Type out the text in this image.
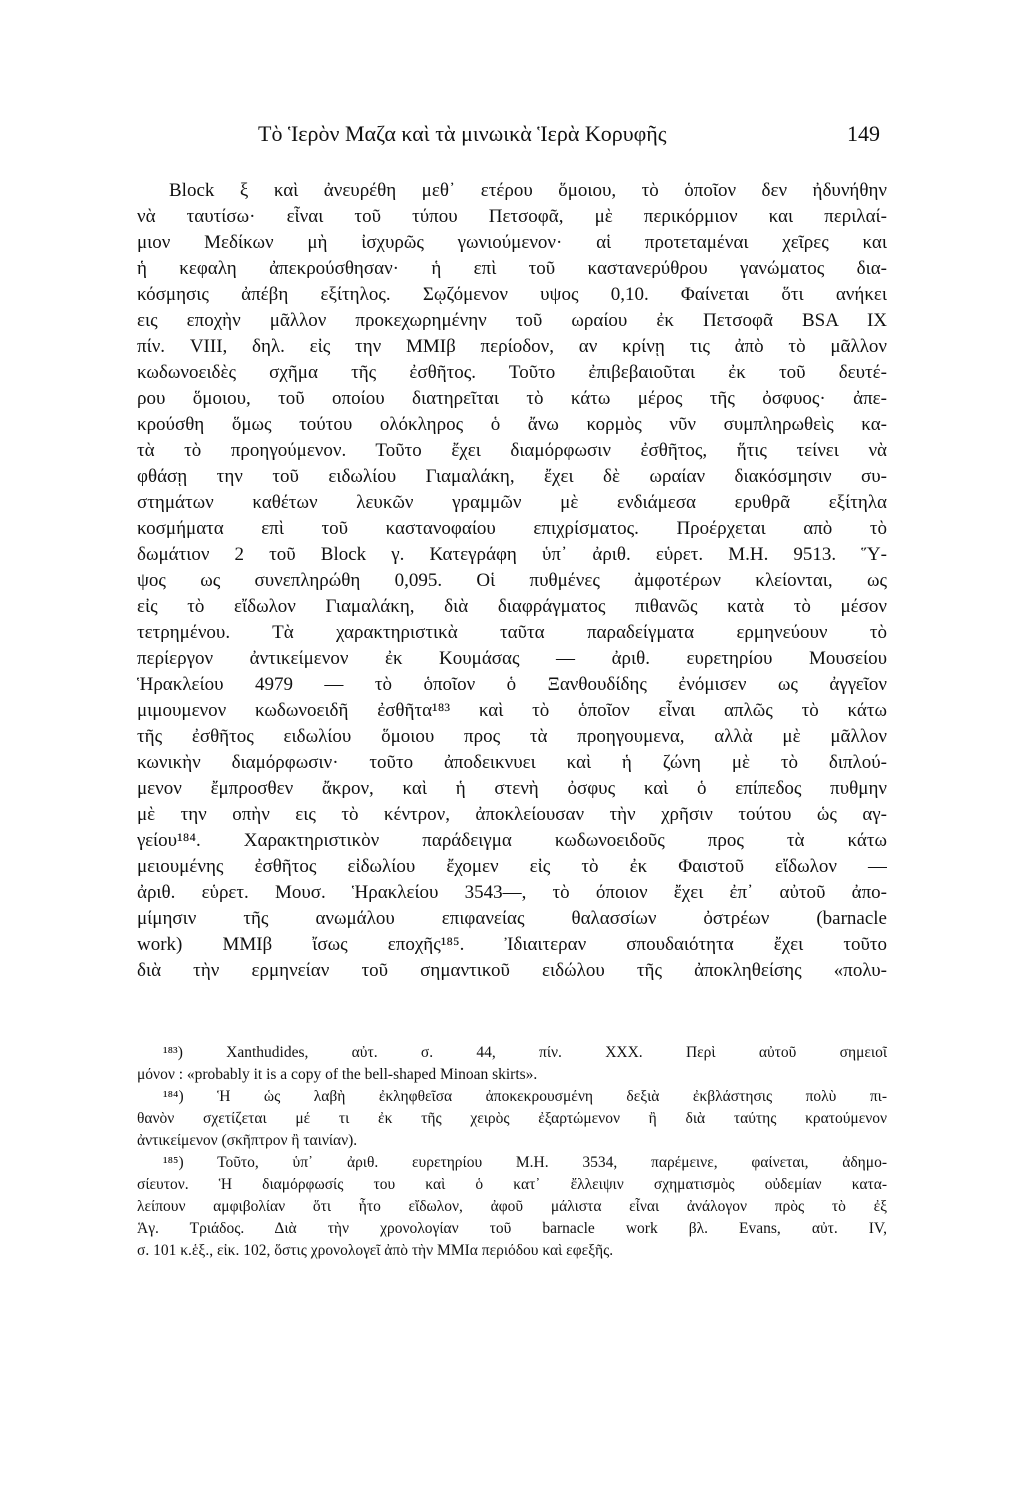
Τὸ Ἱερὸν Μαζα καὶ τὰ μινωικὰ Ἱερὰ Κορυφῆς	149
Block ξ καὶ ἀνευρέθη μεθ᾽ ετέρου ὅμοιου, τὸ ὁποῖον δεν ἠδυνήθην
νὰ ταυτίσω· εἶναι τοῦ τύπου Πετσοφᾶ, μὲ περικόρμιον και περιλαί-
μιον Μεδίκων μὴ ἰσχυρῶς γωνιούμενον· αἱ προτεταμέναι χεῖρες και
ἡ κεφαλη ἀπεκρούσθησαν· ἡ επὶ τοῦ καστανερύθρου γανώματος δια-
κόσμησις ἀπέβη εξίτηλος. Σῳζόμενον υψος 0,10. Φαίνεται ὅτι ανήκει
εις εποχὴν μᾶλλον προκεχωρημένην τοῦ ωραίου ἐκ Πετσοφᾶ BSA IX
πίν. VIII, δηλ. εἰς την ΜΜΙβ περίοδον, αν κρίνῃ τις ἀπὸ τὸ μᾶλλον
κωδωνοειδὲς σχῆμα τῆς ἐσθῆτος. Τοῦτο ἐπιβεβαιοῦται ἐκ τοῦ δευτέ-
ρου ὅμοιου, τοῦ οποίου διατηρεῖται τὸ κάτω μέρος τῆς ὀσφυος· ἀπε-
κρούσθη ὅμως τούτου ολόκληρος ὁ ἄνω κορμὸς νῦν συμπληρωθεὶς κα-
τὰ τὸ προηγούμενον. Τοῦτο ἔχει διαμόρφωσιν ἐσθῆτος, ἥτις τείνει νὰ
φθάσῃ την τοῦ ειδωλίου Γιαμαλάκη, ἔχει δὲ ωραίαν διακόσμησιν συ-
στημάτων καθέτων λευκῶν γραμμῶν μὲ ενδιάμεσα ερυθρᾶ εξίτηλα
κοσμήματα επὶ τοῦ καστανοφαίου επιχρίσματος. Προέρχεται απὸ τὸ
δωμάτιον 2 τοῦ Block γ. Κατεγράφη ὑπ᾽ ἀριθ. εὑρετ. Μ.Η. 9513. Ὕ-
ψος ως συνεπληρώθη 0,095. Οἱ πυθμένες ἀμφοτέρων κλείονται, ως
εἰς τὸ εἴδωλον Γιαμαλάκη, διὰ διαφράγματος πιθανῶς κατὰ τὸ μέσον
τετρημένου. Τὰ χαρακτηριστικὰ ταῦτα παραδείγματα ερμηνεύουν τὸ
περίεργον ἀντικείμενον ἐκ Κουμάσας — ἀριθ. ευρετηρίου Μουσείου
Ἡρακλείου 4979 — τὸ ὁποῖον ὁ Ξανθουδίδης ἐνόμισεν ως ἀγγεῖον
μιμουμενον κωδωνοειδῆ ἐσθῆτα¹⁸³ καὶ τὸ ὁποῖον εἶναι απλῶς τὸ κάτω
τῆς ἐσθῆτος ειδωλίου ὅμοιου προς τὰ προηγουμενα, αλλὰ μὲ μᾶλλον
κωνικὴν διαμόρφωσιν· τοῦτο ἀποδεικνυει καὶ ἡ ζώνη μὲ τὸ διπλού-
μενον ἔμπροσθεν ἄκρον, καὶ ἡ στενὴ ὀσφυς καὶ ὁ επίπεδος πυθμην
μὲ την οπὴν εις τὸ κέντρον, ἀποκλείουσαν τὴν χρῆσιν τούτου ὡς αγ-
γείου¹⁸⁴. Χαρακτηριστικὸν παράδειγμα κωδωνοειδοῦς προς τὰ κάτω
μειουμένης ἐσθῆτος εἰδωλίου ἔχομεν εἰς τὸ ἐκ Φαιστοῦ εἴδωλον —
ἀριθ. εὑρετ. Μουσ. Ἡρακλείου 3543—, τὸ όποιον ἔχει ἐπ᾽ αὐτοῦ ἀπο-
μίμησιν τῆς ανωμάλου επιφανείας θαλασσίων ὀστρέων (barnacle
work) ΜΜΙβ ἴσως εποχῆς¹⁸⁵. Ἰδιαιτεραν σπουδαιότητα ἔχει τοῦτο
διὰ τὴν ερμηνείαν τοῦ σημαντικοῦ ειδώλου τῆς ἀποκληθείσης «πολυ-
¹⁸³) Xanthudides, αὐτ. σ. 44, πίν. XXX. Περὶ αὐτοῦ σημειοῖ
μόνον : «probably it is a copy of the bell-shaped Minoan skirts».
¹⁸⁴) Ἡ ὡς λαβὴ ἐκληφθεῖσα ἀποκεκρουσμένη δεξιὰ ἐκβλάστησις πολὺ πι-
θανὸν σχετίζεται μέ τι ἐκ τῆς χειρὸς ἐξαρτώμενον ἢ διὰ ταύτης κρατούμενον
ἀντικείμενον (σκῆπτρον ἢ ταινίαν).
¹⁸⁵) Τοῦτο, ὑπ᾽ ἀριθ. ευρετηρίου Μ.Η. 3534, παρέμεινε, φαίνεται, ἀδημο-
σίευτον. Ἡ διαμόρφωσίς του καὶ ὁ κατ᾽ ἔλλειψιν σχηματισμὸς οὐδεμίαν κατα-
λείπουν αμφιβολίαν ὅτι ἦτο εἴδωλον, ἀφοῦ μάλιστα εἶναι ἀνάλογον πρὸς τὸ ἐξ
Ἁγ. Τριάδος. Διὰ τὴν χρονολογίαν τοῦ barnacle work βλ. Evans, αὐτ. IV,
σ. 101 κ.ἑξ., εἰκ. 102, ὅστις χρονολογεῖ ἀπὸ τὴν ΜΜΙα περιόδου καὶ εφεξῆς.
